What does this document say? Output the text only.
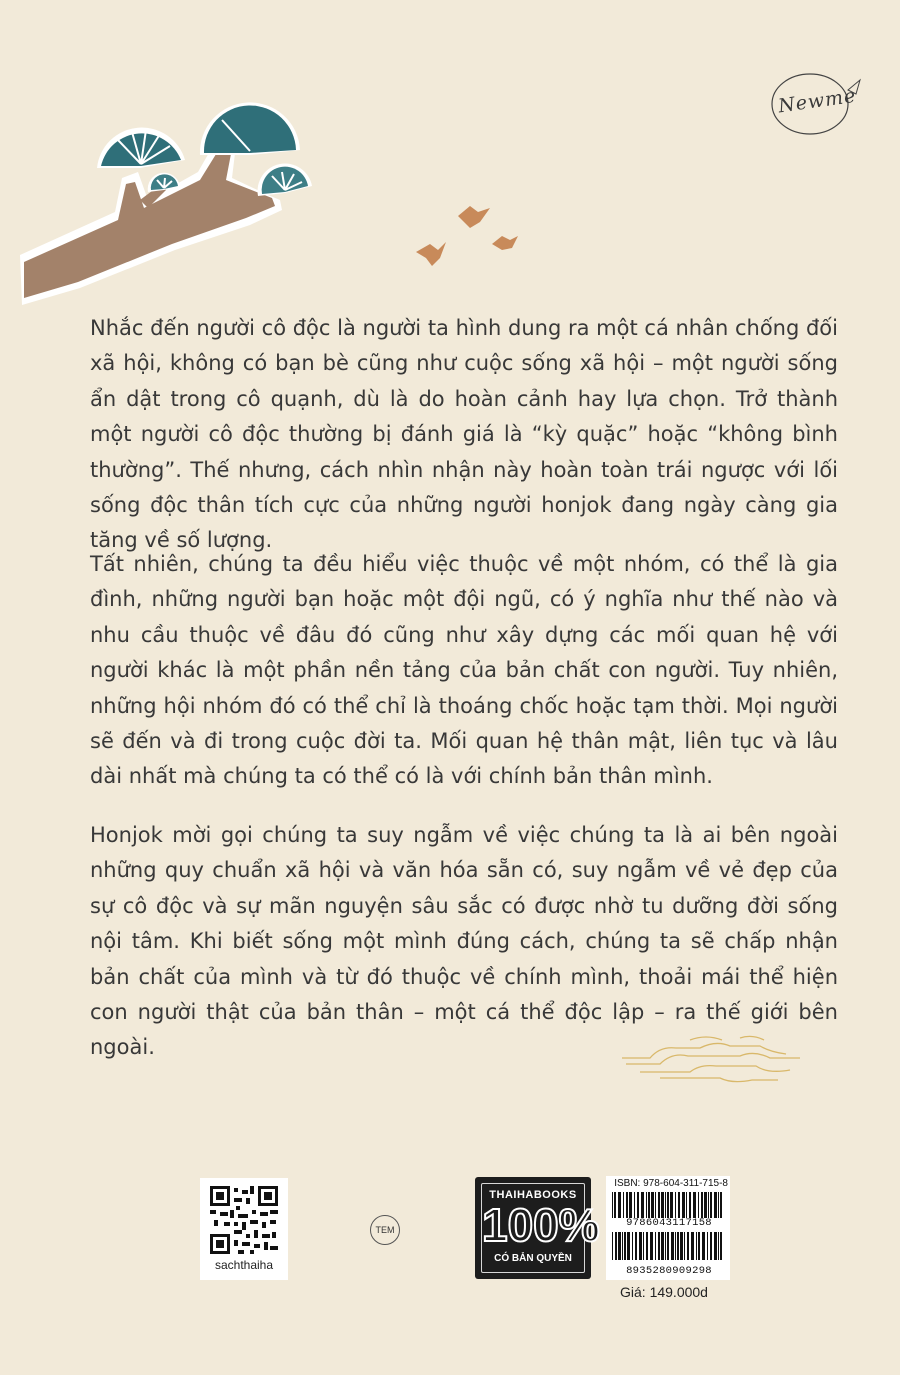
Newme

Nhắc đến người cô độc là người ta hình dung ra một cá nhân chống đối xã hội, không có bạn bè cũng như cuộc sống xã hội – một người sống ẩn dật trong cô quạnh, dù là do hoàn cảnh hay lựa chọn. Trở thành một người cô độc thường bị đánh giá là “kỳ quặc” hoặc “không bình thường”. Thế nhưng, cách nhìn nhận này hoàn toàn trái ngược với lối sống độc thân tích cực của những người honjok đang ngày càng gia tăng về số lượng.

Tất nhiên, chúng ta đều hiểu việc thuộc về một nhóm, có thể là gia đình, những người bạn hoặc một đội ngũ, có ý nghĩa như thế nào và nhu cầu thuộc về đâu đó cũng như xây dựng các mối quan hệ với người khác là một phần nền tảng của bản chất con người. Tuy nhiên, những hội nhóm đó có thể chỉ là thoáng chốc hoặc tạm thời. Mọi người sẽ đến và đi trong cuộc đời ta. Mối quan hệ thân mật, liên tục và lâu dài nhất mà chúng ta có thể có là với chính bản thân mình.

Honjok mời gọi chúng ta suy ngẫm về việc chúng ta là ai bên ngoài những quy chuẩn xã hội và văn hóa sẵn có, suy ngẫm về vẻ đẹp của sự cô độc và sự mãn nguyện sâu sắc có được nhờ tu dưỡng đời sống nội tâm. Khi biết sống một mình đúng cách, chúng ta sẽ chấp nhận bản chất của mình và từ đó thuộc về chính mình, thoải mái thể hiện con người thật của bản thân – một cá thể độc lập – ra thế giới bên ngoài.

sachthaiha
TEM
THAIHABOOKS
100%
CÓ BẢN QUYỀN
ISBN: 978-604-311-715-8
9786043117158
8935280909298
Giá: 149.000d
